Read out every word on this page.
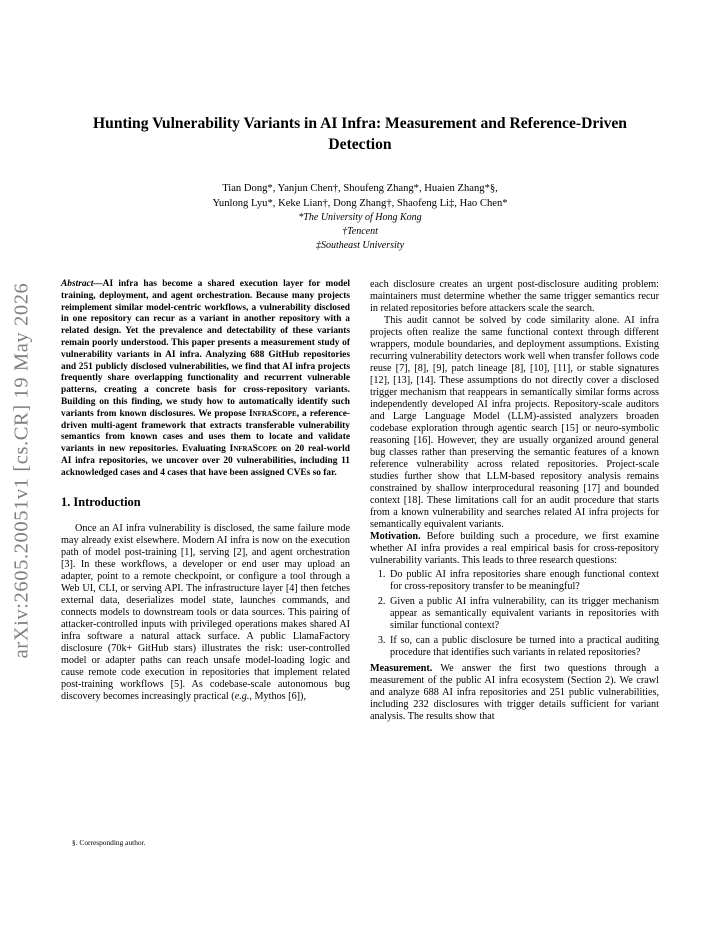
arXiv:2605.20051v1 [cs.CR] 19 May 2026
Hunting Vulnerability Variants in AI Infra: Measurement and Reference-Driven Detection
Tian Dong*, Yanjun Chen†, Shoufeng Zhang*, Huaien Zhang*§,
Yunlong Lyu*, Keke Lian†, Dong Zhang†, Shaofeng Li‡, Hao Chen*
*The University of Hong Kong
†Tencent
‡Southeast University

Abstract—AI infra has become a shared execution layer for model training, deployment, and agent orchestration. Because many projects reimplement similar model-centric workflows, a vulnerability disclosed in one repository can recur as a variant in another repository with a related design. Yet the prevalence and detectability of these variants remain poorly understood. This paper presents a measurement study of vulnerability variants in AI infra. Analyzing 688 GitHub repositories and 251 publicly disclosed vulnerabilities, we find that AI infra projects frequently share overlapping functionality and recurrent vulnerable patterns, creating a concrete basis for cross-repository variants. Building on this finding, we study how to automatically identify such variants from known disclosures. We propose InfraScope, a reference-driven multi-agent framework that extracts transferable vulnerability semantics from known cases and uses them to locate and validate variants in new repositories. Evaluating InfraScope on 20 real-world AI infra repositories, we uncover over 20 vulnerabilities, including 11 acknowledged cases and 4 cases that have been assigned CVEs so far.

1. Introduction

Once an AI infra vulnerability is disclosed, the same failure mode may already exist elsewhere. Modern AI infra is now on the execution path of model post-training [1], serving [2], and agent orchestration [3]. In these workflows, a developer or end user may upload an adapter, point to a remote checkpoint, or configure a tool through a Web UI, CLI, or serving API. The infrastructure layer [4] then fetches external data, deserializes model state, launches commands, and connects models to downstream tools or data sources. This pairing of attacker-controlled inputs with privileged operations makes shared AI infra software a natural attack surface. A public LlamaFactory disclosure (70k+ GitHub stars) illustrates the risk: user-controlled model or adapter paths can reach unsafe model-loading logic and cause remote code execution in repositories that implement related post-training workflows [5]. As codebase-scale autonomous bug discovery becomes increasingly practical (e.g., Mythos [6]),

each disclosure creates an urgent post-disclosure auditing problem: maintainers must determine whether the same trigger semantics recur in related repositories before attackers scale the search.

This audit cannot be solved by code similarity alone. AI infra projects often realize the same functional context through different wrappers, module boundaries, and deployment assumptions. Existing recurring vulnerability detectors work well when transfer follows code reuse [7], [8], [9], patch lineage [8], [10], [11], or stable signatures [12], [13], [14]. These assumptions do not directly cover a disclosed trigger mechanism that reappears in semantically similar forms across independently developed AI infra projects. Repository-scale auditors and Large Language Model (LLM)-assisted analyzers broaden codebase exploration through agentic search [15] or neuro-symbolic reasoning [16]. However, they are usually organized around general bug classes rather than preserving the semantic features of a known reference vulnerability across related repositories. Project-scale studies further show that LLM-based repository analysis remains constrained by shallow interprocedural reasoning [17] and bounded context [18]. These limitations call for an audit procedure that starts from a known vulnerability and searches related AI infra projects for semantically equivalent variants.

Motivation. Before building such a procedure, we first examine whether AI infra provides a real empirical basis for cross-repository vulnerability variants. This leads to three research questions:

1. Do public AI infra repositories share enough functional context for cross-repository transfer to be meaningful?
2. Given a public AI infra vulnerability, can its trigger mechanism appear as semantically equivalent variants in repositories with similar functional context?
3. If so, can a public disclosure be turned into a practical auditing procedure that identifies such variants in related repositories?

Measurement. We answer the first two questions through a measurement of the public AI infra ecosystem (Section 2). We crawl and analyze 688 AI infra repositories and 251 public vulnerabilities, including 232 disclosures with trigger details sufficient for variant analysis. The results show that

§. Corresponding author.
